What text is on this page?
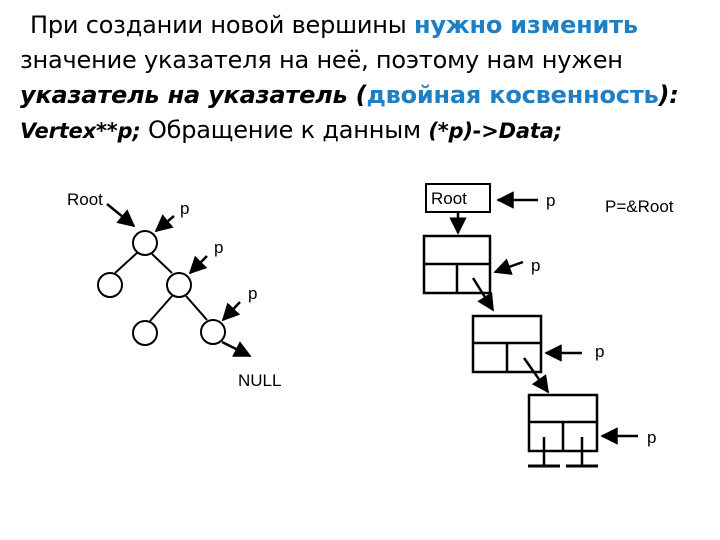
При создании новой вершины нужно изменить значение указателя на неё, поэтому нам нужен указатель на указатель (двойная косвенность): Vertex**p; Обращение к данным (*p)->Data;
Root	p
p
p
NULL
Root	p	P=&Root
p
p
p
